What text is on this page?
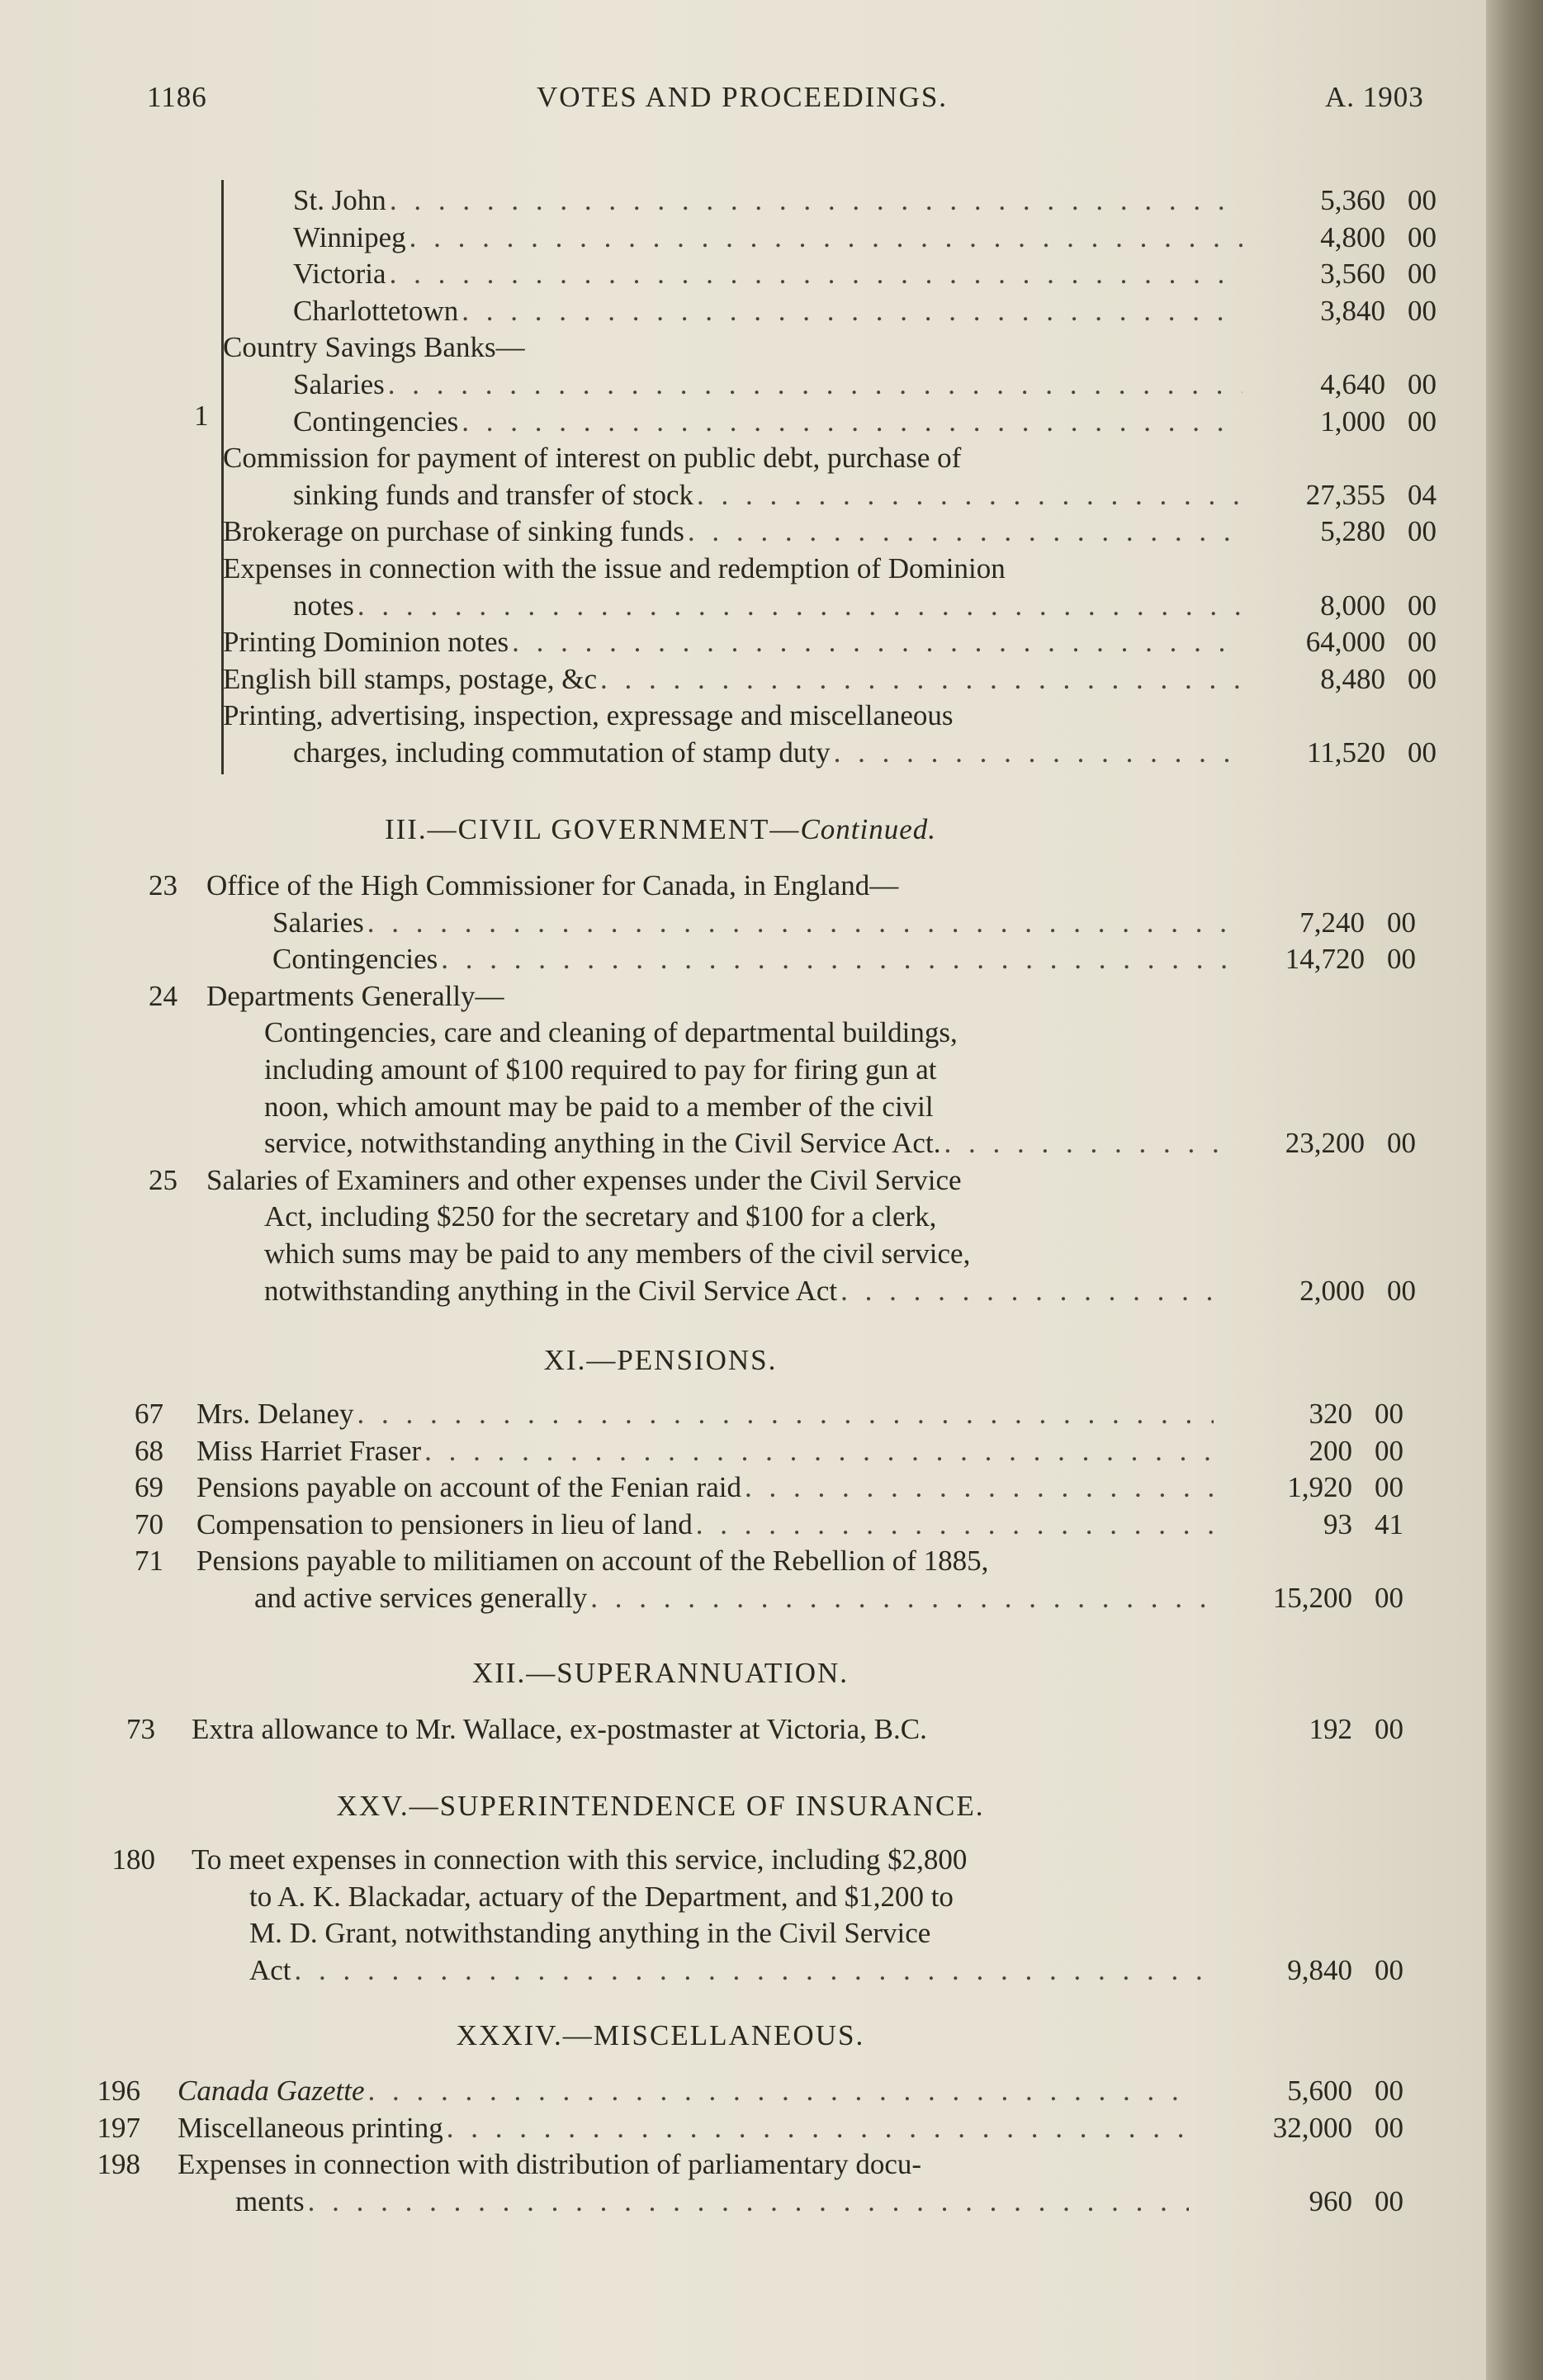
1186	VOTES AND PROCEEDINGS.	A. 1903
1
St. John . . .	5,360 00
Winnipeg . . .	4,800 00
Victoria . . .	3,560 00
Charlottetown . . .	3,840 00
Country Savings Banks—
Salaries . . .	4,640 00
Contingencies . . .	1,000 00
Commission for payment of interest on public debt, purchase of
sinking funds and transfer of stock . . .	27,355 04
Brokerage on purchase of sinking funds . . .	5,280 00
Expenses in connection with the issue and redemption of Dominion
notes . . .	8,000 00
Printing Dominion notes . . .	64,000 00
English bill stamps, postage, &c . . .	8,480 00
Printing, advertising, inspection, expressage and miscellaneous
charges, including commutation of stamp duty . . .	11,520 00
23 Office of the High Commissioner for Canada, in England—
Salaries . . .	7,240 00
Contingencies . . .	14,720 00
24 Departments Generally—
Contingencies, care and cleaning of departmental buildings,
including amount of $100 required to pay for firing gun at
noon, which amount may be paid to a member of the civil
service, notwithstanding anything in the Civil Service Act. . . .	23,200 00
25 Salaries of Examiners and other expenses under the Civil Service
Act, including $250 for the secretary and $100 for a clerk,
which sums may be paid to any members of the civil service,
notwithstanding anything in the Civil Service Act . . .	2,000 00
67 Mrs. Delaney . . .	320 00
68 Miss Harriet Fraser . . .	200 00
69 Pensions payable on account of the Fenian raid . . .	1,920 00
70 Compensation to pensioners in lieu of land . . .	93 41
71 Pensions payable to militiamen on account of the Rebellion of 1885,
and active services generally . . .	15,200 00
73 Extra allowance to Mr. Wallace, ex-postmaster at Victoria, B.C.	192 00
180 To meet expenses in connection with this service, including $2,800
to A. K. Blackadar, actuary of the Department, and $1,200 to
M. D. Grant, notwithstanding anything in the Civil Service
Act . . .	9,840 00
196 Canada Gazette . . .	5,600 00
197 Miscellaneous printing . . .	32,000 00
198 Expenses in connection with distribution of parliamentary docu-
ments . . .	960 00
III.—CIVIL GOVERNMENT—Continued.
XI.—PENSIONS.
XII.—SUPERANNUATION.
XXV.—SUPERINTENDENCE OF INSURANCE.
XXXIV.—MISCELLANEOUS.
